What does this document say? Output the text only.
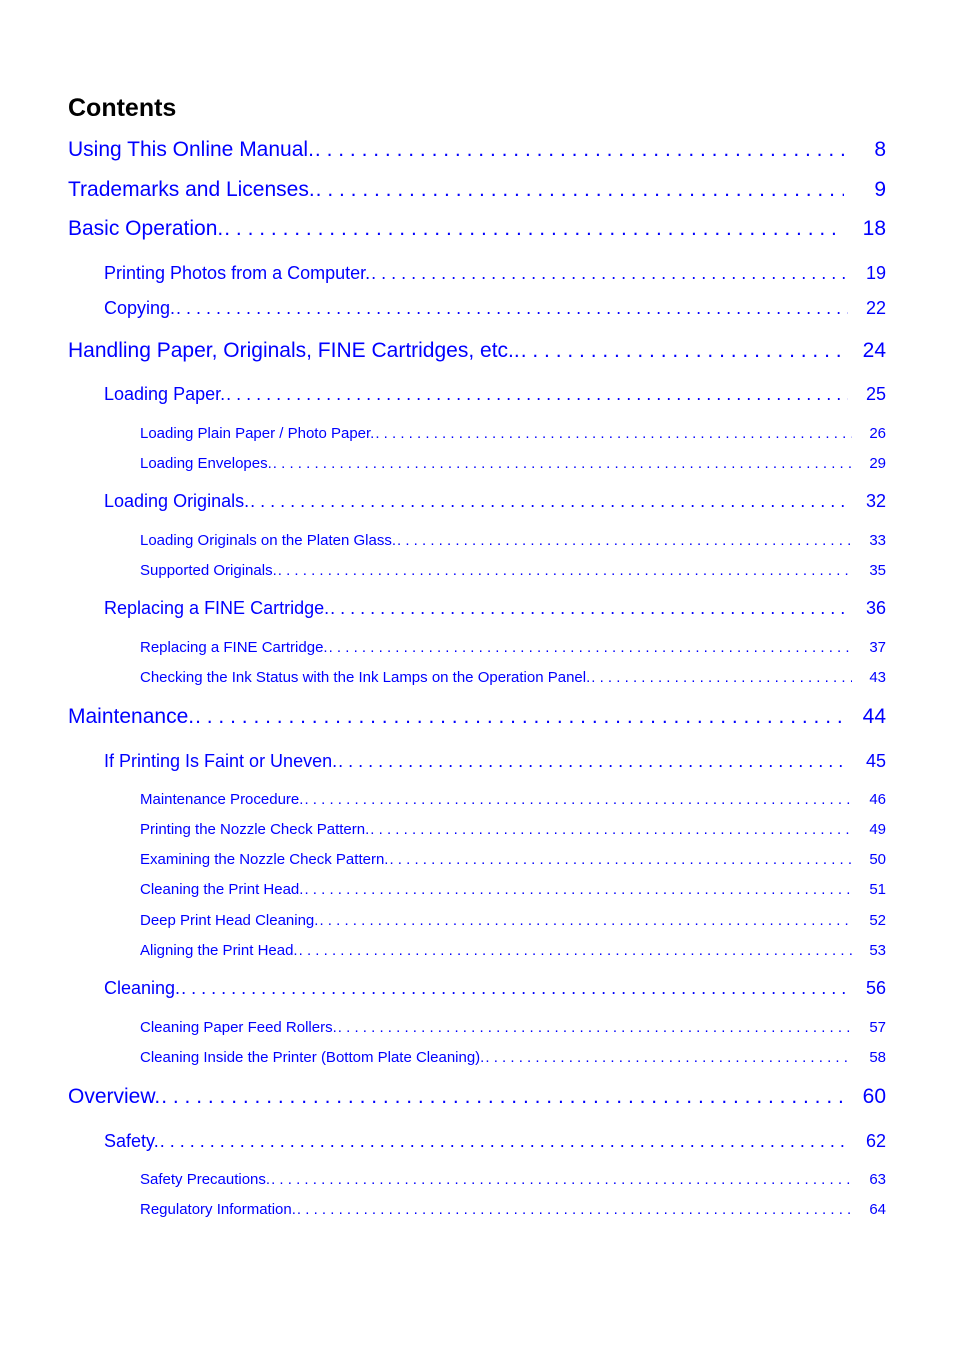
Contents
Using This Online Manual. . . .	8
Trademarks and Licenses. . . .	9
Basic Operation. . . .	18
Printing Photos from a Computer. . . .	19
Copying. . . .	22
Handling Paper, Originals, FINE Cartridges, etc.. . . .	24
Loading Paper. . . .	25
Loading Plain Paper / Photo Paper. . . .	26
Loading Envelopes. . . .	29
Loading Originals. . . .	32
Loading Originals on the Platen Glass. . . .	33
Supported Originals. . . .	35
Replacing a FINE Cartridge. . . .	36
Replacing a FINE Cartridge. . . .	37
Checking the Ink Status with the Ink Lamps on the Operation Panel. . . .	43
Maintenance. . . .	44
If Printing Is Faint or Uneven. . . .	45
Maintenance Procedure. . . .	46
Printing the Nozzle Check Pattern. . . .	49
Examining the Nozzle Check Pattern. . . .	50
Cleaning the Print Head. . . .	51
Deep Print Head Cleaning. . . .	52
Aligning the Print Head. . . .	53
Cleaning. . . .	56
Cleaning Paper Feed Rollers. . . .	57
Cleaning Inside the Printer (Bottom Plate Cleaning). . . .	58
Overview. . . .	60
Safety. . . .	62
Safety Precautions. . . .	63
Regulatory Information. . . .	64
